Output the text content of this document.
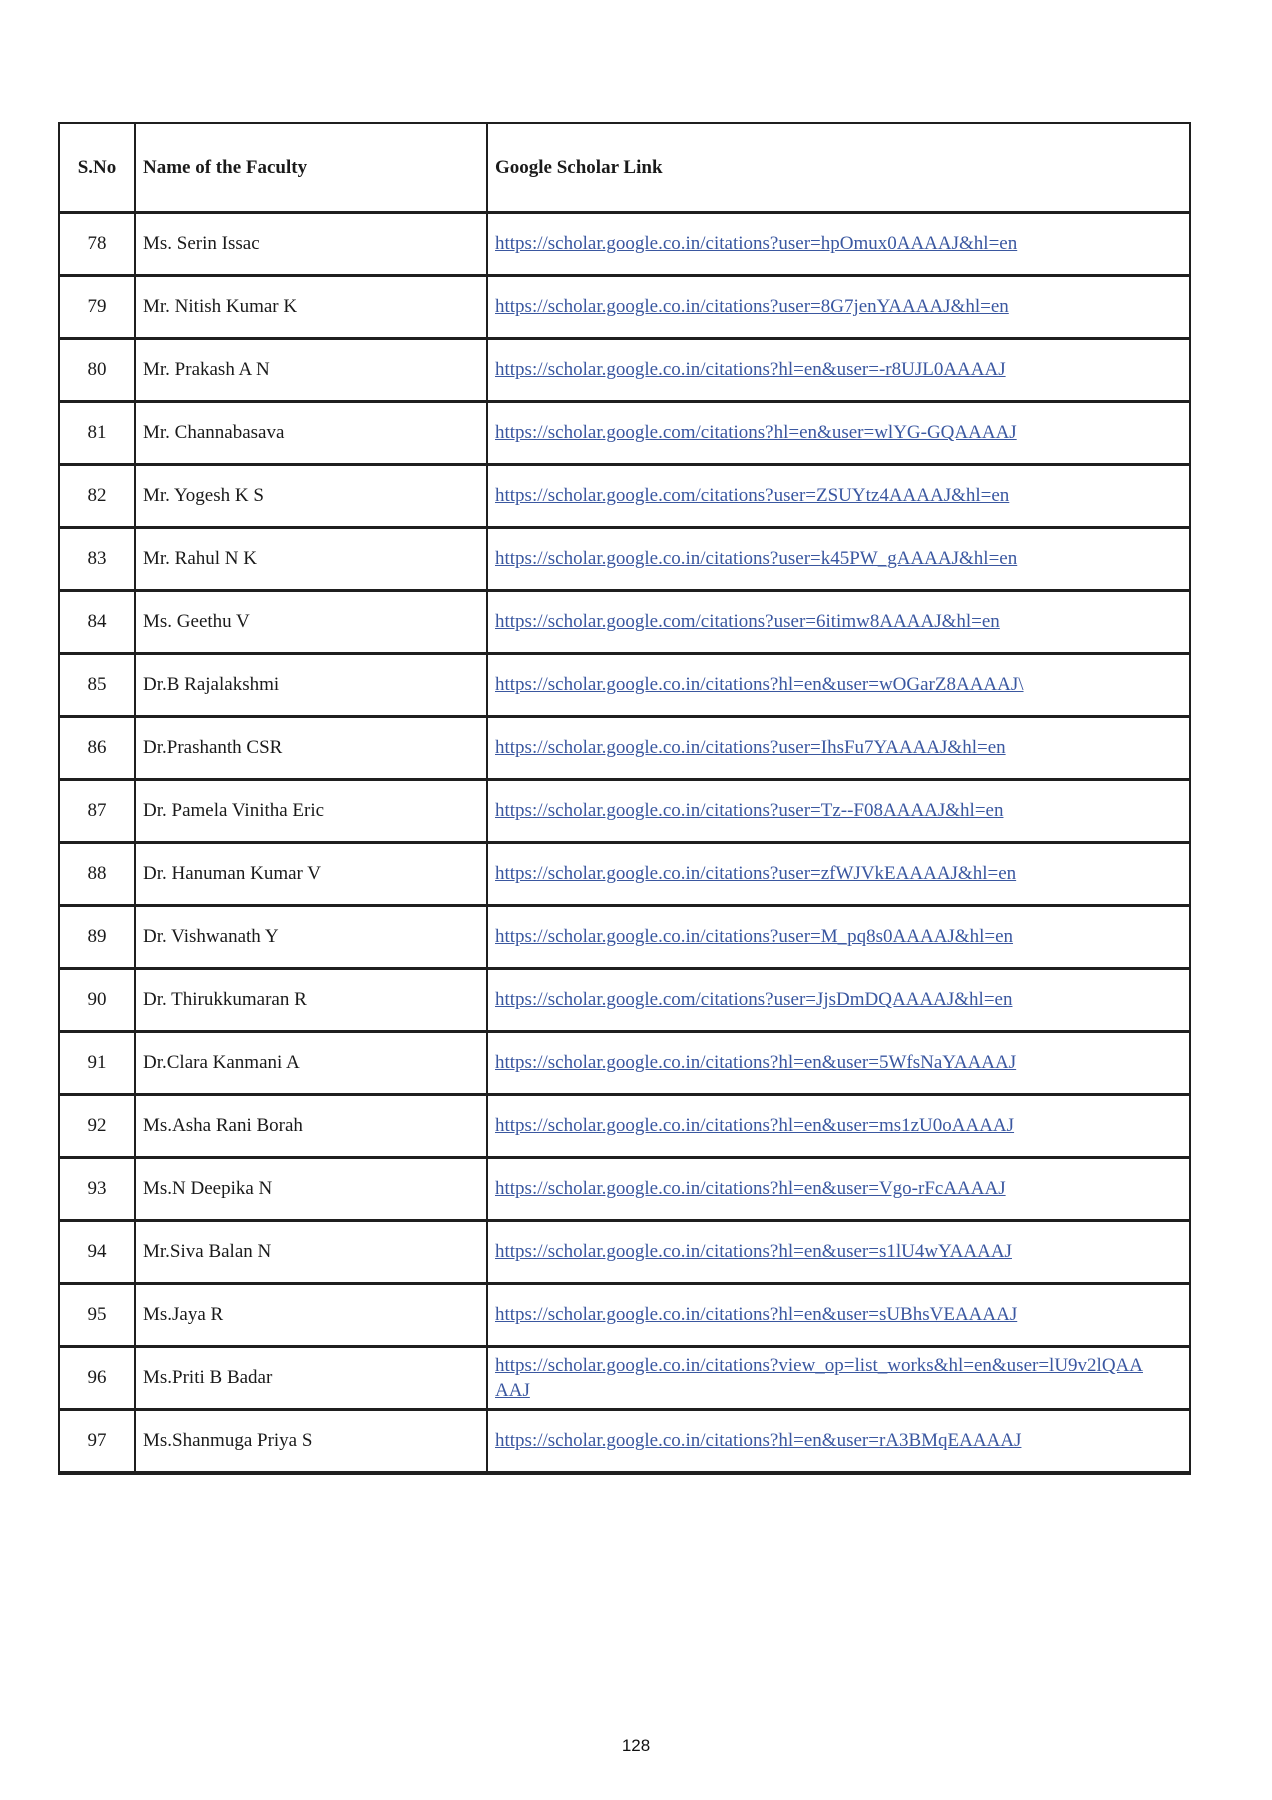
S.No	Name of the Faculty	Google Scholar Link
78	Ms. Serin Issac	https://scholar.google.co.in/citations?user=hpOmux0AAAAJ&hl=en
79	Mr. Nitish Kumar K	https://scholar.google.co.in/citations?user=8G7jenYAAAAJ&hl=en
80	Mr. Prakash A N	https://scholar.google.co.in/citations?hl=en&user=-r8UJL0AAAAJ
81	Mr. Channabasava	https://scholar.google.com/citations?hl=en&user=wlYG-GQAAAAJ
82	Mr. Yogesh K S	https://scholar.google.com/citations?user=ZSUYtz4AAAAJ&hl=en
83	Mr. Rahul N K	https://scholar.google.co.in/citations?user=k45PW_gAAAAJ&hl=en
84	Ms. Geethu V	https://scholar.google.com/citations?user=6itimw8AAAAJ&hl=en
85	Dr.B Rajalakshmi	https://scholar.google.co.in/citations?hl=en&user=wOGarZ8AAAAJ\
86	Dr.Prashanth CSR	https://scholar.google.co.in/citations?user=IhsFu7YAAAAJ&hl=en
87	Dr. Pamela Vinitha Eric	https://scholar.google.co.in/citations?user=Tz--F08AAAAJ&hl=en
88	Dr. Hanuman Kumar V	https://scholar.google.co.in/citations?user=zfWJVkEAAAAJ&hl=en
89	Dr. Vishwanath Y	https://scholar.google.co.in/citations?user=M_pq8s0AAAAJ&hl=en
90	Dr. Thirukkumaran R	https://scholar.google.com/citations?user=JjsDmDQAAAAJ&hl=en
91	Dr.Clara Kanmani A	https://scholar.google.co.in/citations?hl=en&user=5WfsNaYAAAAJ
92	Ms.Asha Rani Borah	https://scholar.google.co.in/citations?hl=en&user=ms1zU0oAAAAJ
93	Ms.N Deepika N	https://scholar.google.co.in/citations?hl=en&user=Vgo-rFcAAAAJ
94	Mr.Siva Balan N	https://scholar.google.co.in/citations?hl=en&user=s1lU4wYAAAAJ
95	Ms.Jaya R	https://scholar.google.co.in/citations?hl=en&user=sUBhsVEAAAAJ
96	Ms.Priti B Badar	https://scholar.google.co.in/citations?view_op=list_works&hl=en&user=lU9v2lQAAAAJ
97	Ms.Shanmuga Priya S	https://scholar.google.co.in/citations?hl=en&user=rA3BMqEAAAAJ
128
